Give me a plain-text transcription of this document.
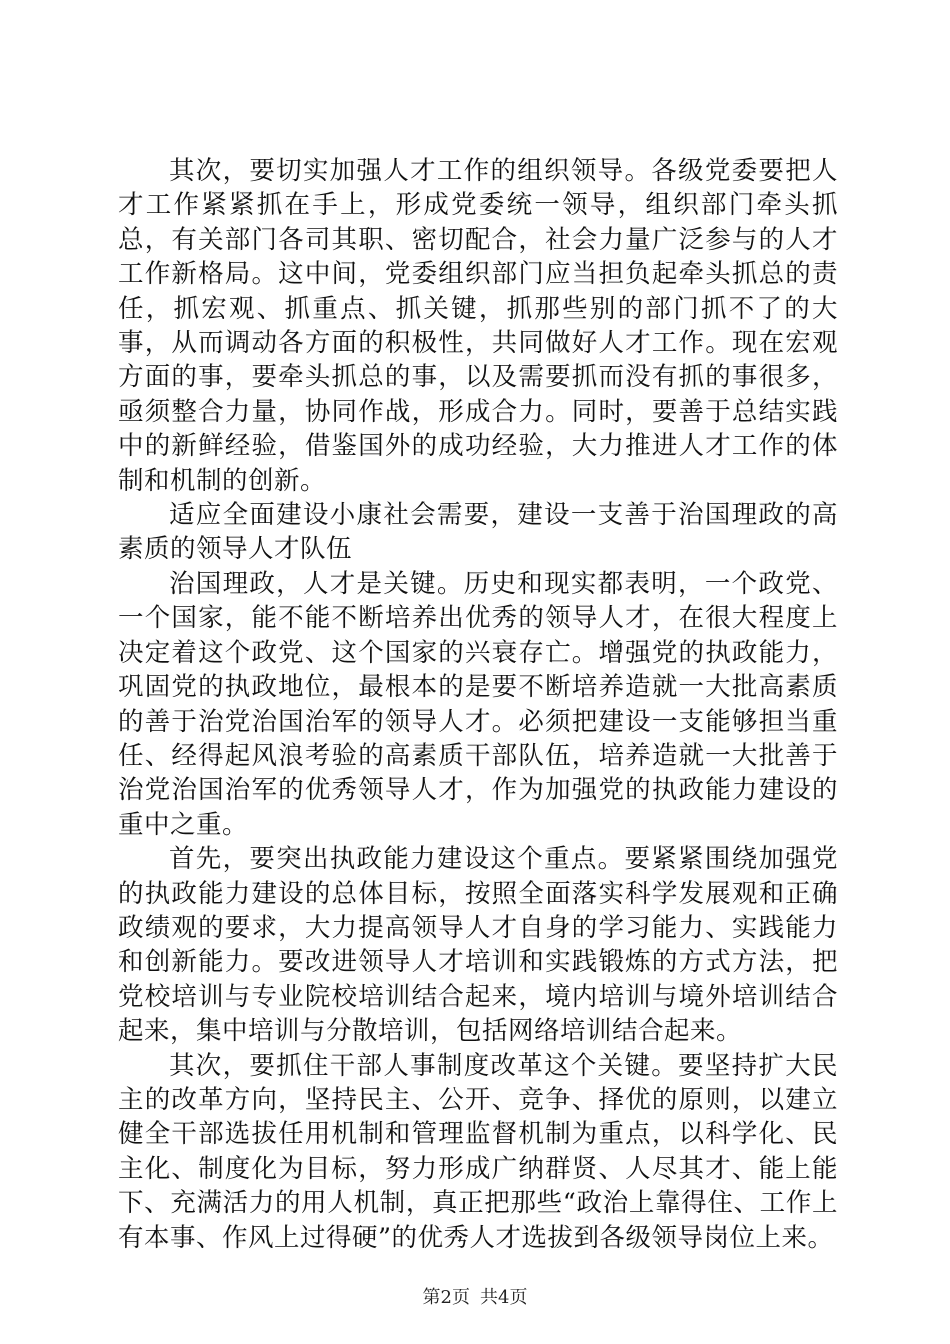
其次，要切实加强人才工作的组织领导。各级党委要把人才工作紧紧抓在手上，形成党委统一领导，组织部门牵头抓总，有关部门各司其职、密切配合，社会力量广泛参与的人才工作新格局。这中间，党委组织部门应当担负起牵头抓总的责任，抓宏观、抓重点、抓关键，抓那些别的部门抓不了的大事，从而调动各方面的积极性，共同做好人才工作。现在宏观方面的事，要牵头抓总的事，以及需要抓而没有抓的事很多，亟须整合力量，协同作战，形成合力。同时，要善于总结实践中的新鲜经验，借鉴国外的成功经验，大力推进人才工作的体制和机制的创新。

适应全面建设小康社会需要，建设一支善于治国理政的高素质的领导人才队伍

治国理政，人才是关键。历史和现实都表明，一个政党、一个国家，能不能不断培养出优秀的领导人才，在很大程度上决定着这个政党、这个国家的兴衰存亡。增强党的执政能力，巩固党的执政地位，最根本的是要不断培养造就一大批高素质的善于治党治国治军的领导人才。必须把建设一支能够担当重任、经得起风浪考验的高素质干部队伍，培养造就一大批善于治党治国治军的优秀领导人才，作为加强党的执政能力建设的重中之重。

首先，要突出执政能力建设这个重点。要紧紧围绕加强党的执政能力建设的总体目标，按照全面落实科学发展观和正确政绩观的要求，大力提高领导人才自身的学习能力、实践能力和创新能力。要改进领导人才培训和实践锻炼的方式方法，把党校培训与专业院校培训结合起来，境内培训与境外培训结合起来，集中培训与分散培训，包括网络培训结合起来。

其次，要抓住干部人事制度改革这个关键。要坚持扩大民主的改革方向，坚持民主、公开、竞争、择优的原则，以建立健全干部选拔任用机制和管理监督机制为重点，以科学化、民主化、制度化为目标，努力形成广纳群贤、人尽其才、能上能下、充满活力的用人机制，真正把那些“政治上靠得住、工作上有本事、作风上过得硬”的优秀人才选拔到各级领导岗位上来。

第2页 共4页
